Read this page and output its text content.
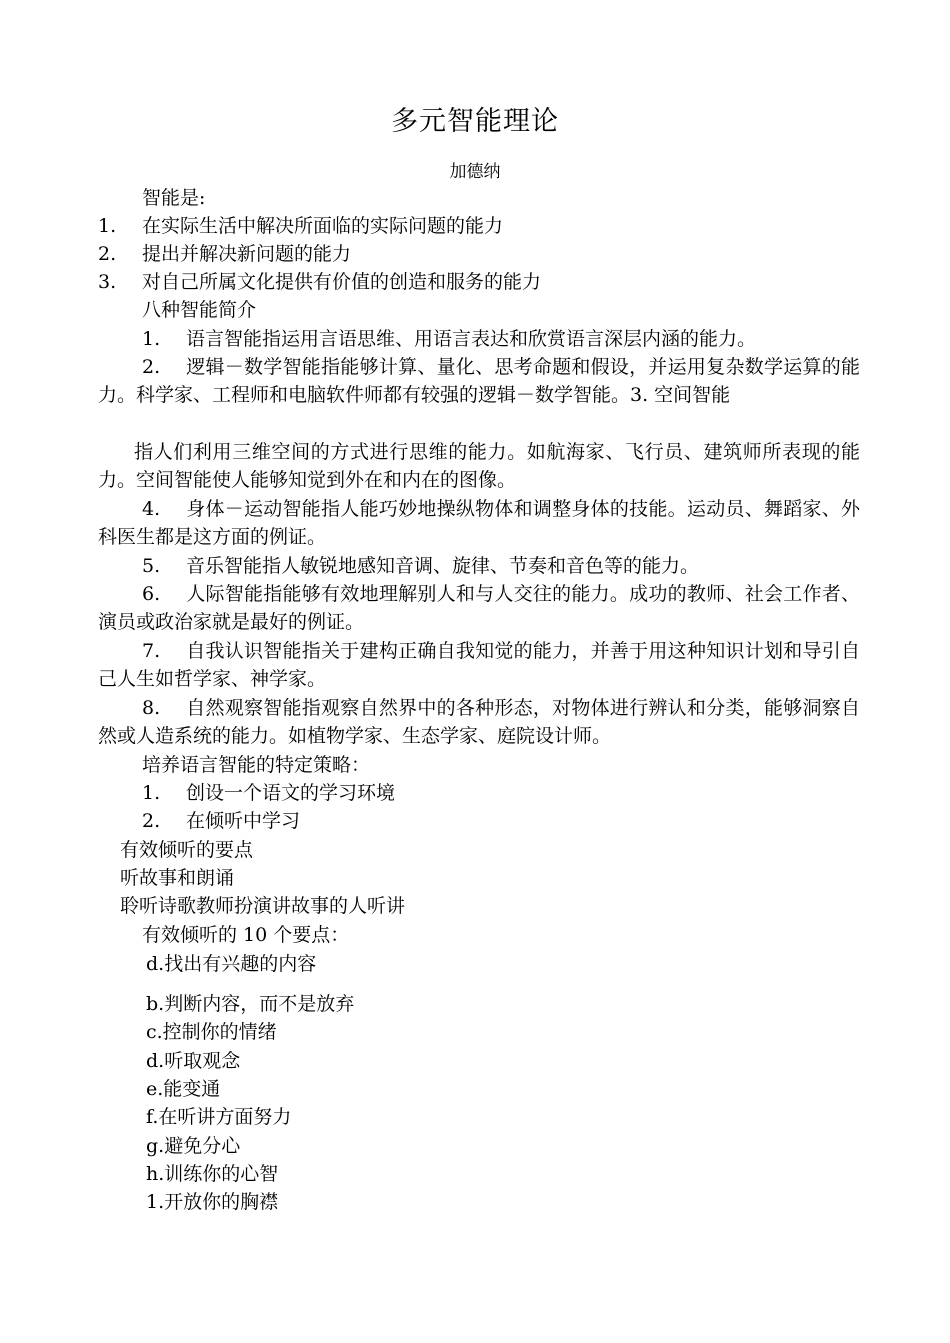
多元智能理论

加德纳

智能是:

1. 在实际生活中解决所面临的实际问题的能力

2. 提出并解决新问题的能力

3. 对自己所属文化提供有价值的创造和服务的能力

八种智能简介

1. 语言智能指运用言语思维、用语言表达和欣赏语言深层内涵的能力。

2. 逻辑－数学智能指能够计算、量化、思考命题和假设，并运用复杂数学运算的能力。科学家、工程师和电脑软件师都有较强的逻辑－数学智能。3. 空间智能

指人们利用三维空间的方式进行思维的能力。如航海家、飞行员、建筑师所表现的能力。空间智能使人能够知觉到外在和内在的图像。

4. 身体－运动智能指人能巧妙地操纵物体和调整身体的技能。运动员、舞蹈家、外科医生都是这方面的例证。

5. 音乐智能指人敏锐地感知音调、旋律、节奏和音色等的能力。

6. 人际智能指能够有效地理解别人和与人交往的能力。成功的教师、社会工作者、演员或政治家就是最好的例证。

7. 自我认识智能指关于建构正确自我知觉的能力，并善于用这种知识计划和导引自己人生如哲学家、神学家。

8. 自然观察智能指观察自然界中的各种形态，对物体进行辨认和分类，能够洞察自然或人造系统的能力。如植物学家、生态学家、庭院设计师。

培养语言智能的特定策略：

1. 创设一个语文的学习环境

2. 在倾听中学习

有效倾听的要点

听故事和朗诵

聆听诗歌教师扮演讲故事的人听讲

有效倾听的 10 个要点：

d.找出有兴趣的内容

b.判断内容，而不是放弃

c.控制你的情绪

d.听取观念

e.能变通

f.在听讲方面努力

g.避免分心

h.训练你的心智

1.开放你的胸襟
